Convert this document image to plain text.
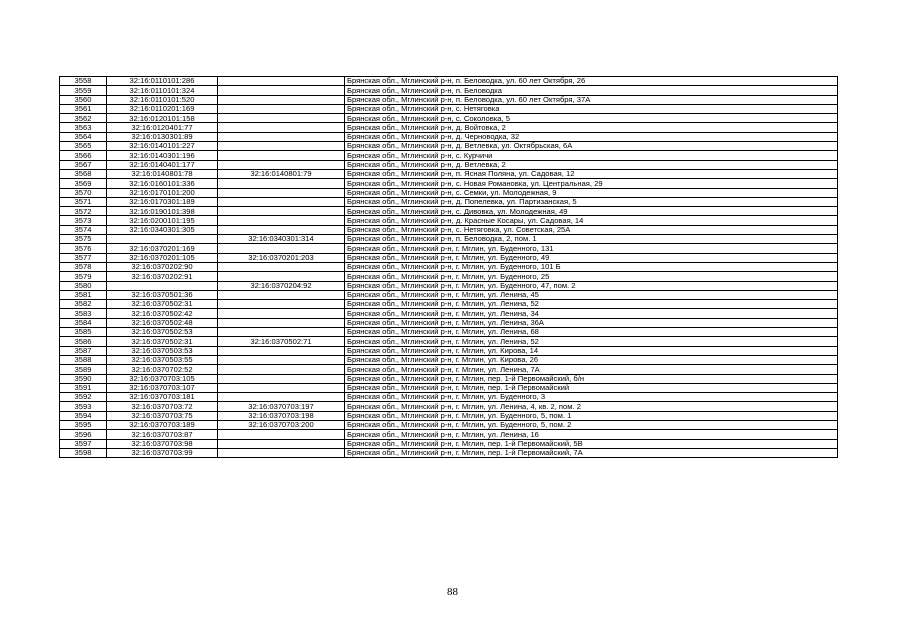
3558	32:16:0110101:286		Брянская обл., Мглинский р-н, п. Беловодка, ул. 60 лет Октября, 26
3559	32:16:0110101:324		Брянская обл., Мглинский р-н, п. Беловодка
3560	32:16:0110101:520		Брянская обл., Мглинский р-н, п. Беловодка, ул. 60 лет Октября, 37А
3561	32:16:0110201:169		Брянская обл., Мглинский р-н, с. Нетяговка
3562	32:16:0120101:158		Брянская обл., Мглинский р-н, с. Соколовка, 5
3563	32:16:0120401:77		Брянская обл., Мглинский р-н, д. Войтовка, 2
3564	32:16:0130301:89		Брянская обл., Мглинский р-н, д. Черноводка, 32
3565	32:16:0140101:227		Брянская обл., Мглинский р-н, д. Ветлевка, ул. Октябрьская, 6А
3566	32:16:0140301:196		Брянская обл., Мглинский р-н, с. Курчичи
3567	32:16:0140401:177		Брянская обл., Мглинский р-н, д. Ветлевка, 2
3568	32:16:0140801:78	32:16:0140801:79	Брянская обл., Мглинский р-н, п. Ясная Поляна, ул. Садовая, 12
3569	32:16:0160101:336		Брянская обл., Мглинский р-н, с. Новая Романовка, ул. Центральная, 29
3570	32:16:0170101:200		Брянская обл., Мглинский р-н, с. Семки, ул. Молодежная, 9
3571	32:16:0170301:189		Брянская обл., Мглинский р-н, д. Попелевка, ул. Партизанская, 5
3572	32:16:0190101:398		Брянская обл., Мглинский р-н, с. Дивовка, ул. Молодежная, 49
3573	32:16:0200101:195		Брянская обл., Мглинский р-н, д. Красные Косары, ул. Садовая, 14
3574	32:16:0340301:305		Брянская обл., Мглинский р-н, с. Нетяговка, ул. Советская, 25А
3575		32:16:0340301:314	Брянская обл., Мглинский р-н, п. Беловодка, 2, пом. 1
3576	32:16:0370201:169		Брянская обл., Мглинский р-н, г. Мглин, ул. Буденного, 131
3577	32:16:0370201:105	32:16:0370201:203	Брянская обл., Мглинский р-н, г. Мглин, ул. Буденного, 49
3578	32:16:0370202:90		Брянская обл., Мглинский р-н, г. Мглин, ул. Буденного, 101 Б
3579	32:16:0370202:91		Брянская обл., Мглинский р-н, г. Мглин, ул. Буденного, 25
3580		32:16:0370204:92	Брянская обл., Мглинский р-н, г. Мглин, ул. Буденного, 47, пом. 2
3581	32:16:0370501:36		Брянская обл., Мглинский р-н, г. Мглин, ул. Ленина, 45
3582	32:16:0370502:31		Брянская обл., Мглинский р-н, г. Мглин, ул. Ленина, 52
3583	32:16:0370502:42		Брянская обл., Мглинский р-н, г. Мглин, ул. Ленина, 34
3584	32:16:0370502:48		Брянская обл., Мглинский р-н, г. Мглин, ул. Ленина, 36А
3585	32:16:0370502:53		Брянская обл., Мглинский р-н, г. Мглин, ул. Ленина, 68
3586	32:16:0370502:31	32:16:0370502:71	Брянская обл., Мглинский р-н, г. Мглин, ул. Ленина, 52
3587	32:16:0370503:53		Брянская обл., Мглинский р-н, г. Мглин, ул. Кирова, 14
3588	32:16:0370503:55		Брянская обл., Мглинский р-н, г. Мглин, ул. Кирова, 26
3589	32:16:0370702:52		Брянская обл., Мглинский р-н, г. Мглин, ул. Ленина, 7А
3590	32:16:0370703:105		Брянская обл., Мглинский р-н, г. Мглин, пер. 1-й Первомайский, б/н
3591	32:16:0370703:107		Брянская обл., Мглинский р-н, г. Мглин, пер. 1-й Первомайский
3592	32:16:0370703:181		Брянская обл., Мглинский р-н, г. Мглин, ул. Буденного, 3
3593	32:16:0370703:72	32:16:0370703:197	Брянская обл., Мглинский р-н, г. Мглин, ул. Ленина, 4, кв. 2, пом. 2
3594	32:16:0370703:75	32:16:0370703:198	Брянская обл., Мглинский р-н, г. Мглин, ул. Буденного, 5, пом. 1
3595	32:16:0370703:189	32:16:0370703:200	Брянская обл., Мглинский р-н, г. Мглин, ул. Буденного, 5, пом. 2
3596	32:16:0370703:87		Брянская обл., Мглинский р-н, г. Мглин, ул. Ленина, 16
3597	32:16:0370703:98		Брянская обл., Мглинский р-н, г. Мглин, пер. 1-й Первомайский, 5В
3598	32:16:0370703:99		Брянская обл., Мглинский р-н, г. Мглин, пер. 1-й Первомайский, 7А
88
